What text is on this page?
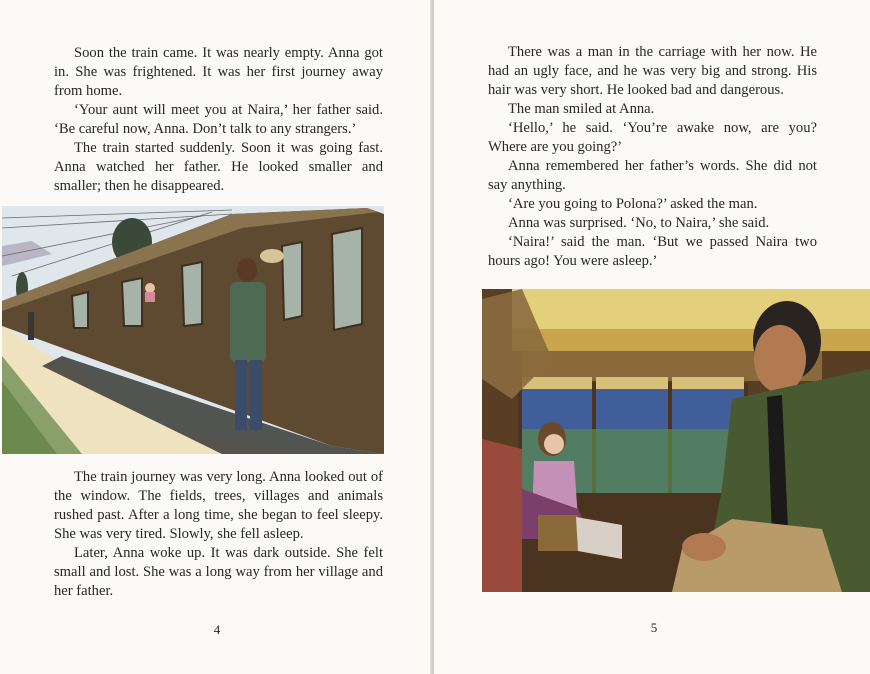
Soon the train came. It was nearly empty. Anna got in. She was frightened. It was her first journey away from home.

‘Your aunt will meet you at Naira,’ her father said. ‘Be careful now, Anna. Don’t talk to any strangers.’

The train started suddenly. Soon it was going fast. Anna watched her father. He looked smaller and smaller; then he disappeared.

The train journey was very long. Anna looked out of the window. The fields, trees, villages and animals rushed past. After a long time, she began to feel sleepy. She was very tired. Slowly, she fell asleep.

Later, Anna woke up. It was dark outside. She felt small and lost. She was a long way from her village and her father.

4

There was a man in the carriage with her now. He had an ugly face, and he was very big and strong. His hair was very short. He looked bad and dangerous.

The man smiled at Anna.

‘Hello,’ he said. ‘You’re awake now, are you? Where are you going?’

Anna remembered her father’s words. She did not say anything.

‘Are you going to Polona?’ asked the man.

Anna was surprised. ‘No, to Naira,’ she said.

‘Naira!’ said the man. ‘But we passed Naira two hours ago! You were asleep.’

5
